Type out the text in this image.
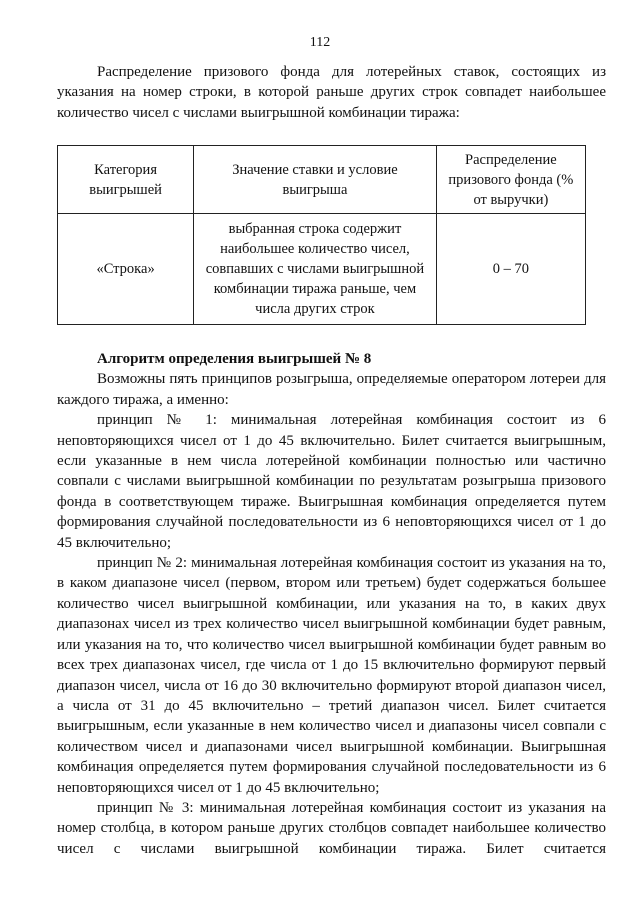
112

Распределение призового фонда для лотерейных ставок, состоящих из указания на номер строки, в которой раньше других строк совпадет наибольшее количество чисел с числами выигрышной комбинации тиража:

Категория выигрышей	Значение ставки и условие выигрыша	Распределение призового фонда (% от выручки)
«Строка»	выбранная строка содержит наибольшее количество чисел, совпавших с числами выигрышной комбинации тиража раньше, чем числа других строк	0 – 70

Алгоритм определения выигрышей № 8

Возможны пять принципов розыгрыша, определяемые оператором лотереи для каждого тиража, а именно:

принцип № 1: минимальная лотерейная комбинация состоит из 6 неповторяющихся чисел от 1 до 45 включительно. Билет считается выигрышным, если указанные в нем числа лотерейной комбинации полностью или частично совпали с числами выигрышной комбинации по результатам розыгрыша призового фонда в соответствующем тираже. Выигрышная комбинация определяется путем формирования случайной последовательности из 6 неповторяющихся чисел от 1 до 45 включительно;

принцип № 2: минимальная лотерейная комбинация состоит из указания на то, в каком диапазоне чисел (первом, втором или третьем) будет содержаться большее количество чисел выигрышной комбинации, или указания на то, в каких двух диапазонах чисел из трех количество чисел выигрышной комбинации будет равным, или указания на то, что количество чисел выигрышной комбинации будет равным во всех трех диапазонах чисел, где числа от 1 до 15 включительно формируют первый диапазон чисел, числа от 16 до 30 включительно формируют второй диапазон чисел, а числа от 31 до 45 включительно – третий диапазон чисел. Билет считается выигрышным, если указанные в нем количество чисел и диапазоны чисел совпали с количеством чисел и диапазонами чисел выигрышной комбинации. Выигрышная комбинация определяется путем формирования случайной последовательности из 6 неповторяющихся чисел от 1 до 45 включительно;

принцип № 3: минимальная лотерейная комбинация состоит из указания на номер столбца, в котором раньше других столбцов совпадет наибольшее количество чисел с числами выигрышной комбинации тиража. Билет считается
